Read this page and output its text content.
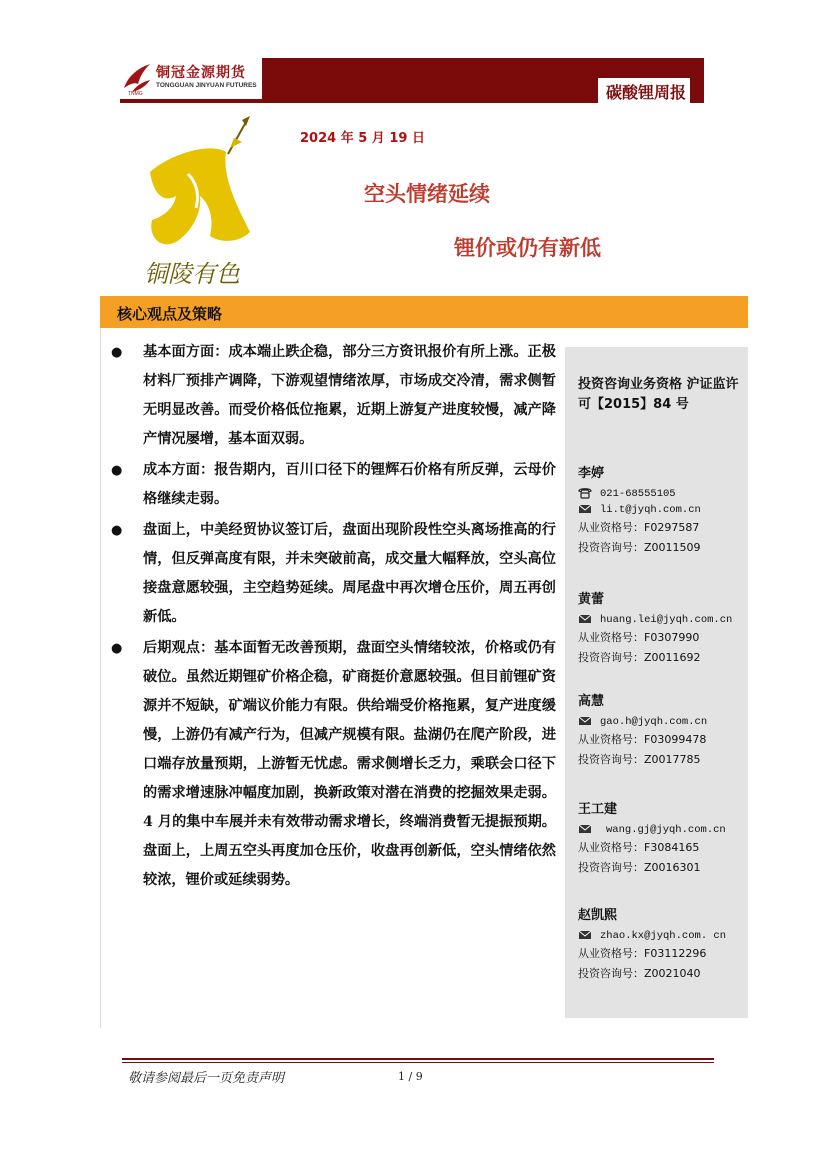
铜冠金源期货
TONGGUAN JINYUAN FUTURES
TNMG	碳酸锂周报
铜陵有色
2024 年 5 月 19 日
空头情绪延续
锂价或仍有新低
核心观点及策略
●	基本面方面：成本端止跌企稳，部分三方资讯报价有所上涨。正极材料厂预排产调降，下游观望情绪浓厚，市场成交冷清，需求侧暂无明显改善。而受价格低位拖累，近期上游复产进度较慢，减产降产情况屡增，基本面双弱。
●	成本方面：报告期内，百川口径下的锂辉石价格有所反弹，云母价格继续走弱。
●	盘面上，中美经贸协议签订后，盘面出现阶段性空头离场推高的行情，但反弹高度有限，并未突破前高，成交量大幅释放，空头高位接盘意愿较强，主空趋势延续。周尾盘中再次增仓压价，周五再创新低。
●	后期观点：基本面暂无改善预期，盘面空头情绪较浓，价格或仍有破位。虽然近期锂矿价格企稳，矿商挺价意愿较强。但目前锂矿资源并不短缺，矿端议价能力有限。供给端受价格拖累，复产进度缓慢，上游仍有减产行为，但减产规模有限。盐湖仍在爬产阶段，进口端存放量预期，上游暂无忧虑。需求侧增长乏力，乘联会口径下的需求增速脉冲幅度加剧，换新政策对潜在消费的挖掘效果走弱。4 月的集中车展并未有效带动需求增长，终端消费暂无提振预期。盘面上，上周五空头再度加仓压价，收盘再创新低，空头情绪依然较浓，锂价或延续弱势。
投资咨询业务资格 沪证监许可【2015】84 号
李婷
021-68555105
li.t@jyqh.com.cn
从业资格号：F0297587
投资咨询号：Z0011509
黄蕾
huang.lei@jyqh.com.cn
从业资格号：F0307990
投资咨询号：Z0011692
高慧
gao.h@jyqh.com.cn
从业资格号：F03099478
投资咨询号：Z0017785
王工建
wang.gj@jyqh.com.cn
从业资格号：F3084165
投资咨询号：Z0016301
赵凯熙
zhao.kx@jyqh.com. cn
从业资格号：F03112296
投资咨询号：Z0021040
敬请参阅最后一页免责声明	1 / 9
